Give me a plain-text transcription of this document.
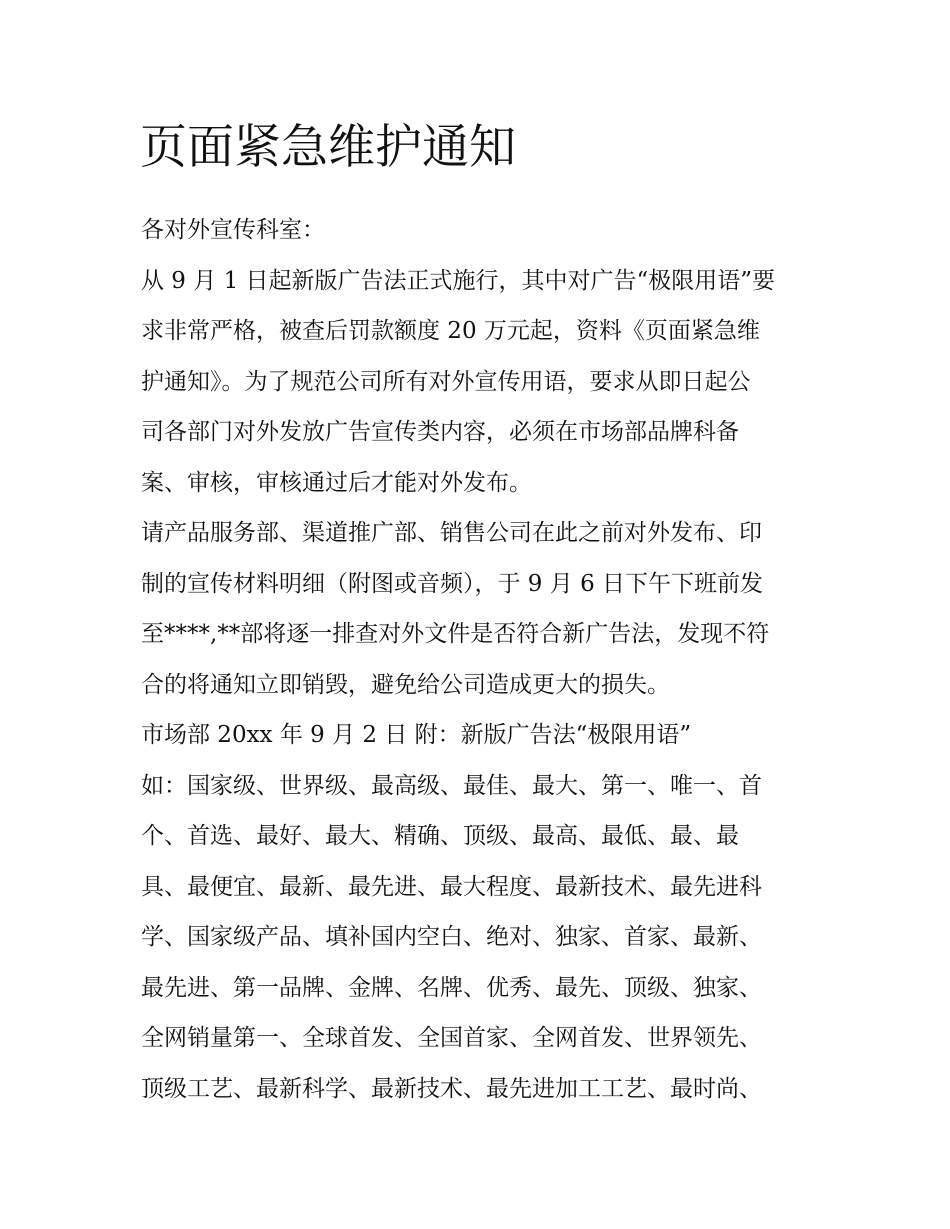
页面紧急维护通知

各对外宣传科室：

从 9 月 1 日起新版广告法正式施行，其中对广告“极限用语”要
求非常严格，被查后罚款额度 20 万元起，资料《页面紧急维
护通知》。为了规范公司所有对外宣传用语，要求从即日起公
司各部门对外发放广告宣传类内容，必须在市场部品牌科备
案、审核，审核通过后才能对外发布。

请产品服务部、渠道推广部、销售公司在此之前对外发布、印
制的宣传材料明细（附图或音频），于 9 月 6 日下午下班前发
至****,**部将逐一排查对外文件是否符合新广告法，发现不符
合的将通知立即销毁，避免给公司造成更大的损失。

市场部 20xx 年 9 月 2 日 附：新版广告法“极限用语”

如：国家级、世界级、最高级、最佳、最大、第一、唯一、首
个、首选、最好、最大、精确、顶级、最高、最低、最、最
具、最便宜、最新、最先进、最大程度、最新技术、最先进科
学、国家级产品、填补国内空白、绝对、独家、首家、最新、
最先进、第一品牌、金牌、名牌、优秀、最先、顶级、独家、
全网销量第一、全球首发、全国首家、全网首发、世界领先、
顶级工艺、最新科学、最新技术、最先进加工工艺、最时尚、
